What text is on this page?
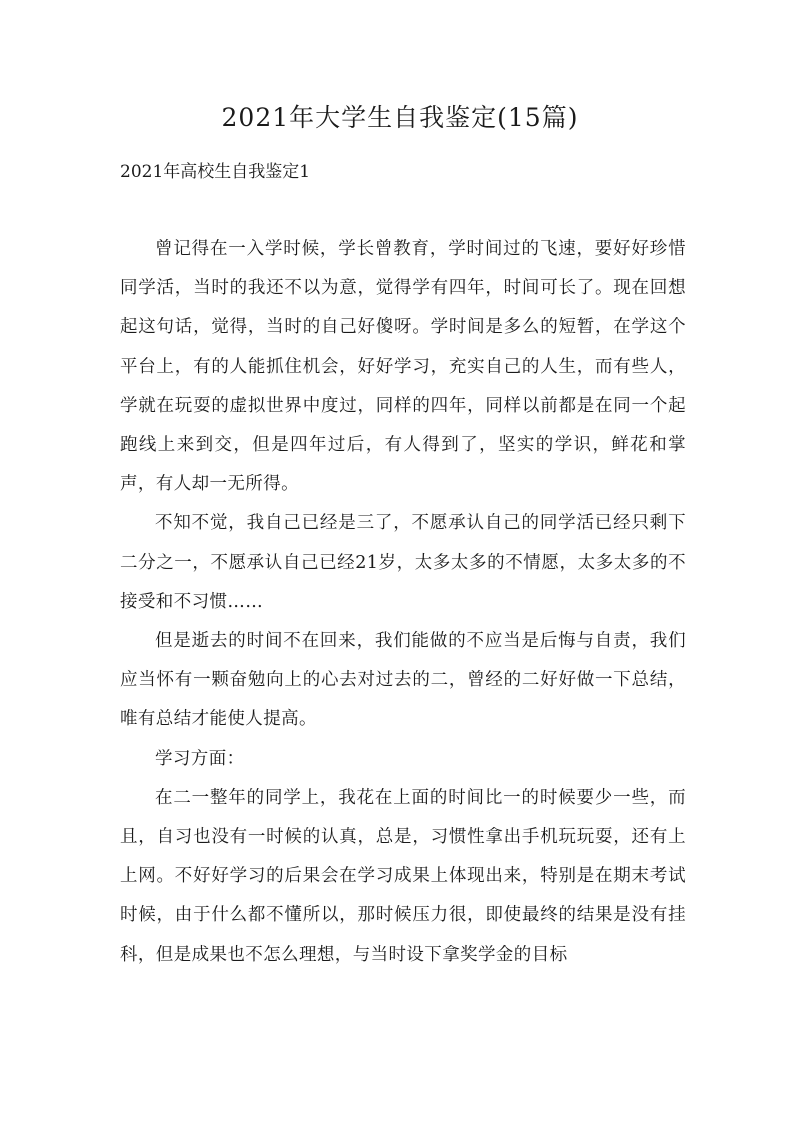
2021年大学生自我鉴定(15篇)
2021年高校生自我鉴定1

曾记得在一入学时候，学长曾教育，学时间过的飞速，要好好珍惜同学活，当时的我还不以为意，觉得学有四年，时间可长了。现在回想起这句话，觉得，当时的自己好傻呀。学时间是多么的短暂，在学这个平台上，有的人能抓住机会，好好学习，充实自己的人生，而有些人，学就在玩耍的虚拟世界中度过，同样的四年，同样以前都是在同一个起跑线上来到交，但是四年过后，有人得到了，坚实的学识，鲜花和掌声，有人却一无所得。

不知不觉，我自己已经是三了，不愿承认自己的同学活已经只剩下二分之一，不愿承认自己已经21岁，太多太多的不情愿，太多太多的不接受和不习惯……

但是逝去的时间不在回来，我们能做的不应当是后悔与自责，我们应当怀有一颗奋勉向上的心去对过去的二，曾经的二好好做一下总结，唯有总结才能使人提高。

学习方面：

在二一整年的同学上，我花在上面的时间比一的时候要少一些，而且，自习也没有一时候的认真，总是，习惯性拿出手机玩玩耍，还有上上网。不好好学习的后果会在学习成果上体现出来，特别是在期末考试时候，由于什么都不懂所以，那时候压力很，即使最终的结果是没有挂科，但是成果也不怎么理想，与当时设下拿奖学金的目标
